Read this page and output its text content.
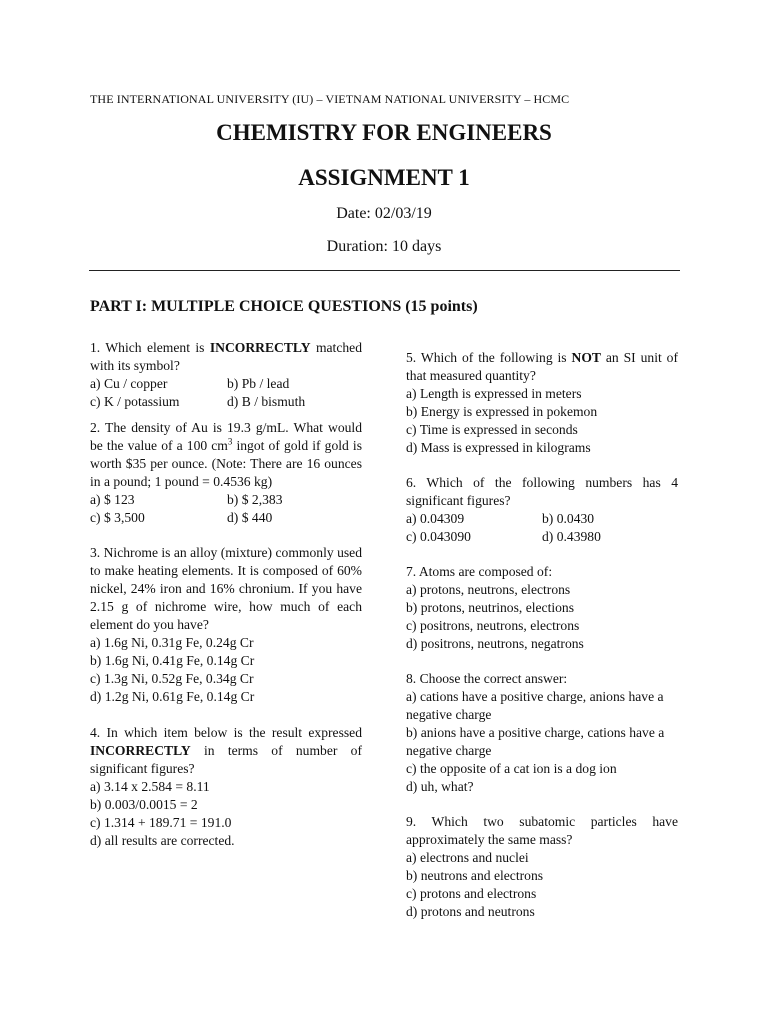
THE INTERNATIONAL UNIVERSITY (IU) – VIETNAM NATIONAL UNIVERSITY – HCMC
CHEMISTRY FOR ENGINEERS
ASSIGNMENT 1
Date: 02/03/19
Duration: 10 days
PART I: MULTIPLE CHOICE QUESTIONS (15 points)

1. Which element is INCORRECTLY matched with its symbol?

a) Cu / copper	b) Pb / lead
c) K / potassium	d) B / bismuth

2. The density of Au is 19.3 g/mL. What would be the value of a 100 $cm^3$ ingot of gold if gold is worth $35 per ounce. (Note: There are 16 ounces in a pound; 1 pound = 0.4536 kg)

a) $ 123	b) $ 2,383
c) $ 3,500	d) $ 440

3. Nichrome is an alloy (mixture) commonly used to make heating elements. It is composed of 60% nickel, 24% iron and 16% chronium. If you have 2.15 g of nichrome wire, how much of each element do you have?

a) 1.6g Ni, 0.31g Fe, 0.24g Cr

b) 1.6g Ni, 0.41g Fe, 0.14g Cr

c) 1.3g Ni, 0.52g Fe, 0.34g Cr

d) 1.2g Ni, 0.61g Fe, 0.14g Cr

4. In which item below is the result expressed INCORRECTLY in terms of number of significant figures?

a) 3.14 x 2.584 = 8.11

b) 0.003/0.0015 = 2

c) 1.314 + 189.71 = 191.0

d) all results are corrected.

5. Which of the following is NOT an SI unit of that measured quantity?

a) Length is expressed in meters

b) Energy is expressed in pokemon

c) Time is expressed in seconds

d) Mass is expressed in kilograms

6. Which of the following numbers has 4 significant figures?

a) 0.04309	b) 0.0430
c) 0.043090	d) 0.43980

7. Atoms are composed of:

a) protons, neutrons, electrons

b) protons, neutrinos, elections

c) positrons, neutrons, electrons

d) positrons, neutrons, negatrons

8. Choose the correct answer:

a) cations have a positive charge, anions have a negative charge

b) anions have a positive charge, cations have a negative charge

c) the opposite of a cat ion is a dog ion

d) uh, what?

9. Which two subatomic particles have approximately the same mass?

a) electrons and nuclei

b) neutrons and electrons

c) protons and electrons

d) protons and neutrons
